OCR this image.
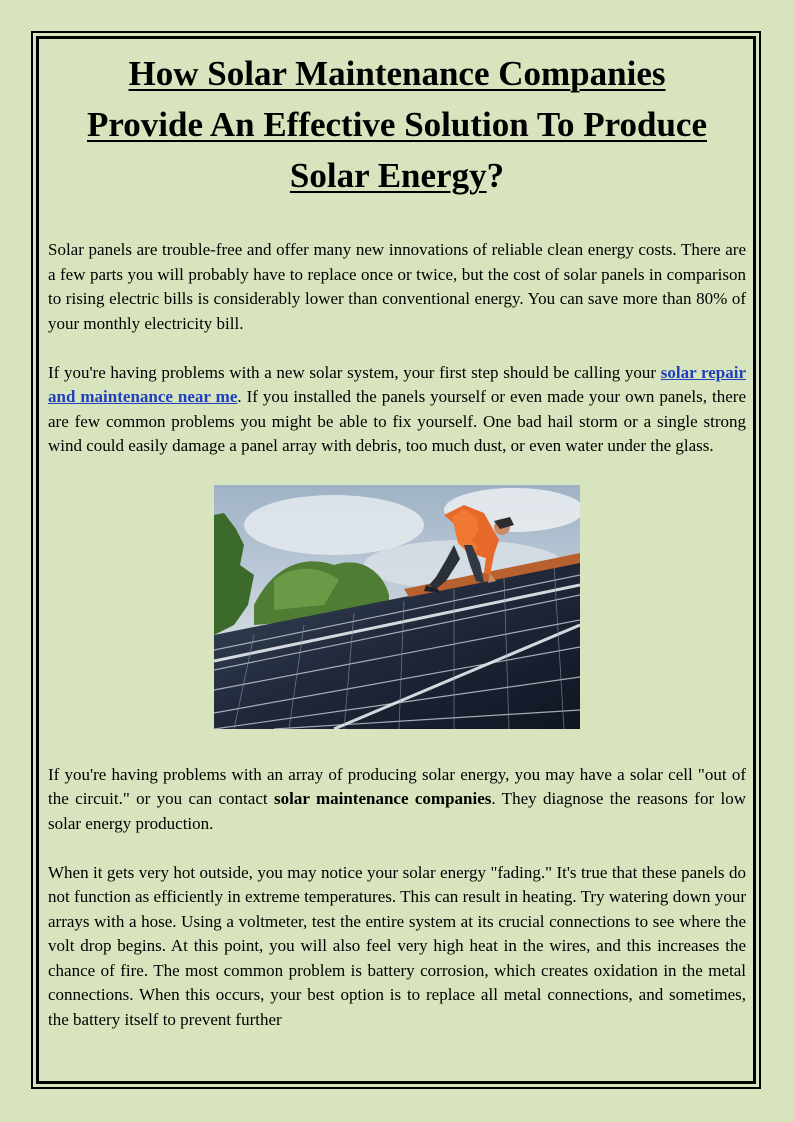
How Solar Maintenance Companies
Provide An Effective Solution To Produce
Solar Energy?

Solar panels are trouble-free and offer many new innovations of reliable clean energy costs. There are a few parts you will probably have to replace once or twice, but the cost of solar panels in comparison to rising electric bills is considerably lower than conventional energy. You can save more than 80% of your monthly electricity bill.

If you're having problems with a new solar system, your first step should be calling your solar repair and maintenance near me. If you installed the panels yourself or even made your own panels, there are few common problems you might be able to fix yourself. One bad hail storm or a single strong wind could easily damage a panel array with debris, too much dust, or even water under the glass.

If you're having problems with an array of producing solar energy, you may have a solar cell "out of the circuit." or you can contact solar maintenance companies. They diagnose the reasons for low solar energy production.

When it gets very hot outside, you may notice your solar energy "fading." It's true that these panels do not function as efficiently in extreme temperatures. This can result in heating. Try watering down your arrays with a hose. Using a voltmeter, test the entire system at its crucial connections to see where the volt drop begins. At this point, you will also feel very high heat in the wires, and this increases the chance of fire. The most common problem is battery corrosion, which creates oxidation in the metal connections. When this occurs, your best option is to replace all metal connections, and sometimes, the battery itself to prevent further
